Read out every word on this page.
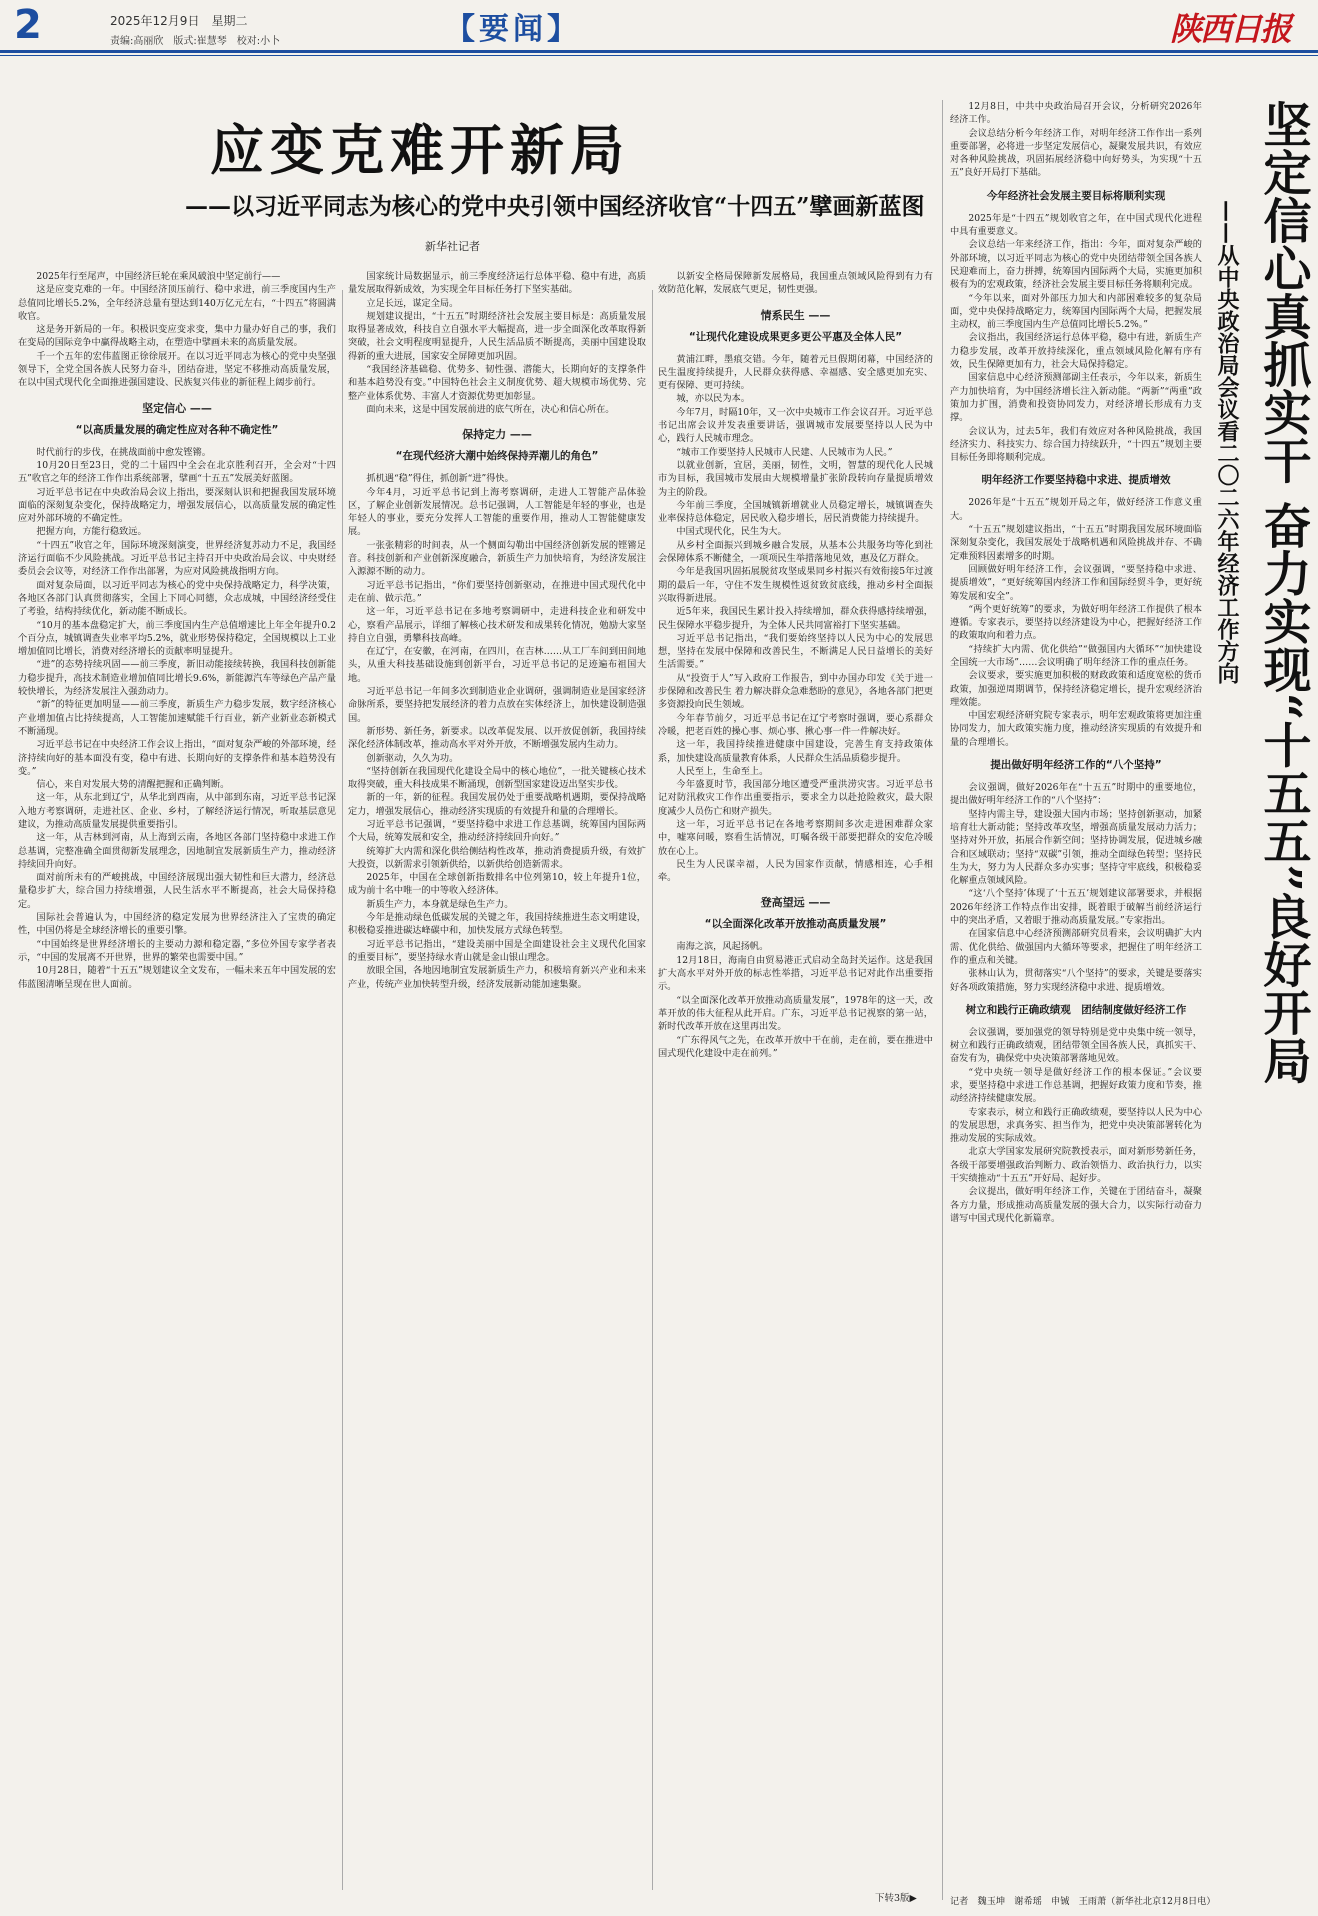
2	2025年12月9日　星期二
责编:高丽欣　版式:崔慧琴　校对:小卜	【要闻】	陕西日报
应变克难开新局
——以习近平同志为核心的党中央引领中国经济收官“十四五”擘画新蓝图
新华社记者

2025年行至尾声，中国经济巨轮在乘风破浪中坚定前行——

这是应变克难的一年。中国经济顶压前行、稳中求进，前三季度国内生产总值同比增长5.2%，全年经济总量有望达到140万亿元左右，“十四五”将圆满收官。

这是务开新局的一年。积极识变应变求变，集中力量办好自己的事，我们在变局的国际竞争中赢得战略主动，在塑造中擘画未来的高质量发展。

千一个五年的宏伟蓝图正徐徐展开。在以习近平同志为核心的党中央坚强领导下，全党全国各族人民努力奋斗，团结奋进，坚定不移推动高质量发展，在以中国式现代化全面推进强国建设、民族复兴伟业的新征程上阔步前行。

坚定信心 ——
“以高质量发展的确定性应对各种不确定性”

时代前行的步伐，在挑战面前中愈发铿锵。

10月20日至23日，党的二十届四中全会在北京胜利召开，全会对“十四五”收官之年的经济工作作出系统部署，擘画“十五五”发展美好蓝图。

习近平总书记在中央政治局会议上指出，要深刻认识和把握我国发展环境面临的深刻复杂变化，保持战略定力，增强发展信心，以高质量发展的确定性应对外部环境的不确定性。

把握方向，方能行稳致远。

“十四五”收官之年，国际环境深刻演变，世界经济复苏动力不足，我国经济运行面临不少风险挑战。习近平总书记主持召开中央政治局会议、中央财经委员会会议等，对经济工作作出部署，为应对风险挑战指明方向。

面对复杂局面，以习近平同志为核心的党中央保持战略定力，科学决策，各地区各部门认真贯彻落实，全国上下同心同德，众志成城，中国经济经受住了考验，结构持续优化，新动能不断成长。

“10月的基本盘稳定扩大，前三季度国内生产总值增速比上年全年提升0.2个百分点，城镇调查失业率平均5.2%，就业形势保持稳定，全国规模以上工业增加值同比增长，消费对经济增长的贡献率明显提升。

“进”的态势持续巩固——前三季度，新旧动能接续转换，我国科技创新能力稳步提升，高技术制造业增加值同比增长9.6%，新能源汽车等绿色产品产量较快增长，为经济发展注入强劲动力。

“新”的特征更加明显——前三季度，新质生产力稳步发展，数字经济核心产业增加值占比持续提高，人工智能加速赋能千行百业，新产业新业态新模式不断涌现。

习近平总书记在中央经济工作会议上指出，“面对复杂严峻的外部环境，经济持续向好的基本面没有变，稳中有进、长期向好的支撑条件和基本趋势没有变。”

信心，来自对发展大势的清醒把握和正确判断。

这一年，从东北到辽宁，从华北到西南，从中部到东南，习近平总书记深入地方考察调研，走进社区、企业、乡村，了解经济运行情况，听取基层意见建议，为推动高质量发展提供重要指引。

这一年，从吉林到河南，从上海到云南，各地区各部门坚持稳中求进工作总基调，完整准确全面贯彻新发展理念，因地制宜发展新质生产力，推动经济持续回升向好。

面对前所未有的严峻挑战，中国经济展现出强大韧性和巨大潜力，经济总量稳步扩大，综合国力持续增强，人民生活水平不断提高，社会大局保持稳定。

国际社会普遍认为，中国经济的稳定发展为世界经济注入了宝贵的确定性，中国仍将是全球经济增长的重要引擎。

“中国始终是世界经济增长的主要动力源和稳定器，”多位外国专家学者表示，“中国的发展离不开世界，世界的繁荣也需要中国。”

10月28日，随着“十五五”规划建议全文发布，一幅未来五年中国发展的宏伟蓝图清晰呈现在世人面前。

国家统计局数据显示，前三季度经济运行总体平稳、稳中有进，高质量发展取得新成效，为实现全年目标任务打下坚实基础。

立足长远，谋定全局。

规划建议提出，“十五五”时期经济社会发展主要目标是：高质量发展取得显著成效，科技自立自强水平大幅提高，进一步全面深化改革取得新突破，社会文明程度明显提升，人民生活品质不断提高，美丽中国建设取得新的重大进展，国家安全屏障更加巩固。

“我国经济基础稳、优势多、韧性强、潜能大，长期向好的支撑条件和基本趋势没有变。”中国特色社会主义制度优势、超大规模市场优势、完整产业体系优势、丰富人才资源优势更加彰显。

面向未来，这是中国发展前进的底气所在，决心和信心所在。

保持定力 ——
“在现代经济大潮中始终保持弄潮儿的角色”

抓机遇“稳”得住，抓创新“进”得快。

今年4月，习近平总书记到上海考察调研，走进人工智能产品体验区，了解企业创新发展情况。总书记强调，人工智能是年轻的事业，也是年轻人的事业，要充分发挥人工智能的重要作用，推动人工智能健康发展。

一张张精彩的时间表，从一个侧面勾勒出中国经济创新发展的铿锵足音。科技创新和产业创新深度融合，新质生产力加快培育，为经济发展注入源源不断的动力。

习近平总书记指出，“你们要坚持创新驱动，在推进中国式现代化中走在前、做示范。”

这一年，习近平总书记在多地考察调研中，走进科技企业和研发中心，察看产品展示，详细了解核心技术研发和成果转化情况，勉励大家坚持自立自强，勇攀科技高峰。

在辽宁，在安徽，在河南，在四川，在吉林……从工厂车间到田间地头，从重大科技基础设施到创新平台，习近平总书记的足迹遍布祖国大地。

习近平总书记一年间多次到制造业企业调研，强调制造业是国家经济命脉所系，要坚持把发展经济的着力点放在实体经济上，加快建设制造强国。

新形势、新任务，新要求。以改革促发展、以开放促创新，我国持续深化经济体制改革，推动高水平对外开放，不断增强发展内生动力。

创新驱动，久久为功。

“坚持创新在我国现代化建设全局中的核心地位”，一批关键核心技术取得突破，重大科技成果不断涌现，创新型国家建设迈出坚实步伐。

新的一年，新的征程。我国发展仍处于重要战略机遇期，要保持战略定力，增强发展信心，推动经济实现质的有效提升和量的合理增长。

习近平总书记强调，“要坚持稳中求进工作总基调，统筹国内国际两个大局，统筹发展和安全，推动经济持续回升向好。”

统筹扩大内需和深化供给侧结构性改革，推动消费提质升级，有效扩大投资，以新需求引领新供给，以新供给创造新需求。

2025年，中国在全球创新指数排名中位列第10，较上年提升1位，成为前十名中唯一的中等收入经济体。

新质生产力，本身就是绿色生产力。

今年是推动绿色低碳发展的关键之年，我国持续推进生态文明建设，积极稳妥推进碳达峰碳中和，加快发展方式绿色转型。

习近平总书记指出，“建设美丽中国是全面建设社会主义现代化国家的重要目标”，要坚持绿水青山就是金山银山理念。

放眼全国，各地因地制宜发展新质生产力，积极培育新兴产业和未来产业，传统产业加快转型升级，经济发展新动能加速集聚。

以新安全格局保障新发展格局，我国重点领域风险得到有力有效防范化解，发展底气更足，韧性更强。

情系民生 ——
“让现代化建设成果更多更公平惠及全体人民”

黄浦江畔，墨痕交错。今年，随着元旦假期闭幕，中国经济的民生温度持续提升，人民群众获得感、幸福感、安全感更加充实、更有保障、更可持续。

城，亦以民为本。

今年7月，时隔10年，又一次中央城市工作会议召开。习近平总书记出席会议并发表重要讲话，强调城市发展要坚持以人民为中心，践行人民城市理念。

“城市工作要坚持人民城市人民建、人民城市为人民。”

以就业创新，宜居，美丽，韧性，文明，智慧的现代化人民城市为目标，我国城市发展由大规模增量扩张阶段转向存量提质增效为主的阶段。

今年前三季度，全国城镇新增就业人员稳定增长，城镇调查失业率保持总体稳定，居民收入稳步增长，居民消费能力持续提升。

中国式现代化，民生为大。

从乡村全面振兴到城乡融合发展，从基本公共服务均等化到社会保障体系不断健全，一项项民生举措落地见效，惠及亿万群众。

今年是我国巩固拓展脱贫攻坚成果同乡村振兴有效衔接5年过渡期的最后一年，守住不发生规模性返贫致贫底线，推动乡村全面振兴取得新进展。

近5年来，我国民生累计投入持续增加，群众获得感持续增强，民生保障水平稳步提升，为全体人民共同富裕打下坚实基础。

习近平总书记指出，“我们要始终坚持以人民为中心的发展思想，坚持在发展中保障和改善民生，不断满足人民日益增长的美好生活需要。”

从“投资于人”写入政府工作报告，到中办国办印发《关于进一步保障和改善民生 着力解决群众急难愁盼的意见》，各地各部门把更多资源投向民生领域。

今年春节前夕，习近平总书记在辽宁考察时强调，要心系群众冷暖，把老百姓的操心事、烦心事、揪心事一件一件解决好。

这一年，我国持续推进健康中国建设，完善生育支持政策体系，加快建设高质量教育体系，人民群众生活品质稳步提升。

人民至上，生命至上。

今年盛夏时节，我国部分地区遭受严重洪涝灾害。习近平总书记对防汛救灾工作作出重要指示，要求全力以赴抢险救灾，最大限度减少人员伤亡和财产损失。

这一年，习近平总书记在各地考察期间多次走进困难群众家中，嘘寒问暖，察看生活情况，叮嘱各级干部要把群众的安危冷暖放在心上。

民生为人民谋幸福，人民为国家作贡献，情感相连，心手相牵。

登高望远 ——
“以全面深化改革开放推动高质量发展”

南海之滨，风起扬帆。

12月18日，海南自由贸易港正式启动全岛封关运作。这是我国扩大高水平对外开放的标志性举措，习近平总书记对此作出重要指示。

“以全面深化改革开放推动高质量发展”，1978年的这一天，改革开放的伟大征程从此开启。广东，习近平总书记视察的第一站，新时代改革开放在这里再出发。

“广东得风气之先，在改革开放中干在前，走在前，要在推进中国式现代化建设中走在前列。”

下转3版▶
坚定信心真抓实干 奋力实现“十五五”良好开局
——从中央政治局会议看二〇二六年经济工作方向

12月8日，中共中央政治局召开会议，分析研究2026年经济工作。

会议总结分析今年经济工作，对明年经济工作作出一系列重要部署，必将进一步坚定发展信心，凝聚发展共识，有效应对各种风险挑战，巩固拓展经济稳中向好势头，为实现“十五五”良好开局打下基础。

今年经济社会发展主要目标将顺利实现

2025年是“十四五”规划收官之年，在中国式现代化进程中具有重要意义。

会议总结一年来经济工作，指出：今年，面对复杂严峻的外部环境，以习近平同志为核心的党中央团结带领全国各族人民迎难而上，奋力拼搏，统筹国内国际两个大局，实施更加积极有为的宏观政策，经济社会发展主要目标任务将顺利完成。

“今年以来，面对外部压力加大和内部困难较多的复杂局面，党中央保持战略定力，统筹国内国际两个大局，把握发展主动权，前三季度国内生产总值同比增长5.2%。”

会议指出，我国经济运行总体平稳，稳中有进，新质生产力稳步发展，改革开放持续深化，重点领域风险化解有序有效，民生保障更加有力，社会大局保持稳定。

国家信息中心经济预测部副主任表示，今年以来，新质生产力加快培育，为中国经济增长注入新动能。“两新”“两重”政策加力扩围，消费和投资协同发力，对经济增长形成有力支撑。

会议认为，过去5年，我们有效应对各种风险挑战，我国经济实力、科技实力、综合国力持续跃升，“十四五”规划主要目标任务即将顺利完成。

明年经济工作要坚持稳中求进、提质增效

2026年是“十五五”规划开局之年，做好经济工作意义重大。

“十五五”规划建议指出，“十五五”时期我国发展环境面临深刻复杂变化，我国发展处于战略机遇和风险挑战并存、不确定难预料因素增多的时期。

回顾做好明年经济工作，会议强调，“要坚持稳中求进、提质增效”，“更好统筹国内经济工作和国际经贸斗争，更好统筹发展和安全”。

“两个更好统筹”的要求，为做好明年经济工作提供了根本遵循。专家表示，要坚持以经济建设为中心，把握好经济工作的政策取向和着力点。

“持续扩大内需、优化供给”“做强国内大循环”“加快建设全国统一大市场”……会议明确了明年经济工作的重点任务。

会议要求，要实施更加积极的财政政策和适度宽松的货币政策，加强逆周期调节，保持经济稳定增长，提升宏观经济治理效能。

中国宏观经济研究院专家表示，明年宏观政策将更加注重协同发力，加大政策实施力度，推动经济实现质的有效提升和量的合理增长。

提出做好明年经济工作的“八个坚持”

会议强调，做好2026年在“十五五”时期中的重要地位，提出做好明年经济工作的“八个坚持”：

坚持内需主导，建设强大国内市场；坚持创新驱动，加紧培育壮大新动能；坚持改革攻坚，增强高质量发展动力活力；坚持对外开放，拓展合作新空间；坚持协调发展，促进城乡融合和区域联动；坚持“双碳”引领，推动全面绿色转型；坚持民生为大，努力为人民群众多办实事；坚持守牢底线，积极稳妥化解重点领域风险。

“这‘八个坚持’体现了‘十五五’规划建议部署要求，并根据2026年经济工作特点作出安排，既着眼于破解当前经济运行中的突出矛盾，又着眼于推动高质量发展。”专家指出。

在国家信息中心经济预测部研究员看来，会议明确扩大内需、优化供给、做强国内大循环等要求，把握住了明年经济工作的重点和关键。

张林山认为，贯彻落实“八个坚持”的要求，关键是要落实好各项政策措施，努力实现经济稳中求进、提质增效。

树立和践行正确政绩观　团结制度做好经济工作

会议强调，要加强党的领导特别是党中央集中统一领导，树立和践行正确政绩观，团结带领全国各族人民，真抓实干、奋发有为，确保党中央决策部署落地见效。

“党中央统一领导是做好经济工作的根本保证。”会议要求，要坚持稳中求进工作总基调，把握好政策力度和节奏，推动经济持续健康发展。

专家表示，树立和践行正确政绩观，要坚持以人民为中心的发展思想，求真务实、担当作为，把党中央决策部署转化为推动发展的实际成效。

北京大学国家发展研究院教授表示，面对新形势新任务，各级干部要增强政治判断力、政治领悟力、政治执行力，以实干实绩推动“十五五”开好局、起好步。

会议提出，做好明年经济工作，关键在于团结奋斗，凝聚各方力量，形成推动高质量发展的强大合力，以实际行动奋力谱写中国式现代化新篇章。

记者　魏玉坤　谢希瑶　申铖　王雨萧（新华社北京12月8日电）
